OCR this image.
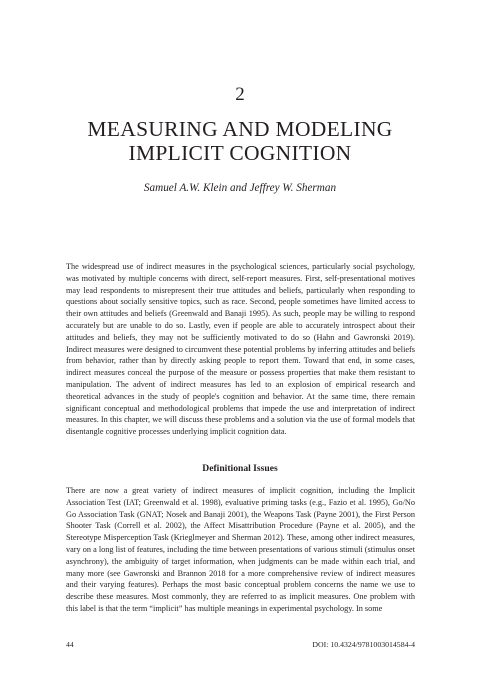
2
MEASURING AND MODELING
IMPLICIT COGNITION
Samuel A.W. Klein and Jeffrey W. Sherman

The widespread use of indirect measures in the psychological sciences, particularly social psychology, was motivated by multiple concerns with direct, self-report measures. First, self-presentational motives may lead respondents to misrepresent their true attitudes and beliefs, particularly when responding to questions about socially sensitive topics, such as race. Second, people sometimes have limited access to their own attitudes and beliefs (Greenwald and Banaji 1995). As such, people may be willing to respond accurately but are unable to do so. Lastly, even if people are able to accurately introspect about their attitudes and beliefs, they may not be sufficiently motivated to do so (Hahn and Gawronski 2019). Indirect measures were designed to circumvent these potential problems by inferring attitudes and beliefs from behavior, rather than by directly asking people to report them. Toward that end, in some cases, indirect measures conceal the purpose of the measure or possess properties that make them resistant to manipulation. The advent of indirect measures has led to an explosion of empirical research and theoretical advances in the study of people's cognition and behavior. At the same time, there remain significant conceptual and methodological problems that impede the use and interpretation of indirect measures. In this chapter, we will discuss these problems and a solution via the use of formal models that disentangle cognitive processes underlying implicit cognition data.

Definitional Issues

There are now a great variety of indirect measures of implicit cognition, including the Implicit Association Test (IAT; Greenwald et al. 1998), evaluative priming tasks (e.g., Fazio et al. 1995), Go/No Go Association Task (GNAT; Nosek and Banaji 2001), the Weapons Task (Payne 2001), the First Person Shooter Task (Correll et al. 2002), the Affect Misattribution Procedure (Payne et al. 2005), and the Stereotype Misperception Task (Krieglmeyer and Sherman 2012). These, among other indirect measures, vary on a long list of features, including the time between presentations of various stimuli (stimulus onset asynchrony), the ambiguity of target information, when judgments can be made within each trial, and many more (see Gawronski and Brannon 2018 for a more comprehensive review of indirect measures and their varying features). Perhaps the most basic conceptual problem concerns the name we use to describe these measures. Most commonly, they are referred to as implicit measures. One problem with this label is that the term “implicit” has multiple meanings in experimental psychology. In some

44	DOI: 10.4324/9781003014584-4
